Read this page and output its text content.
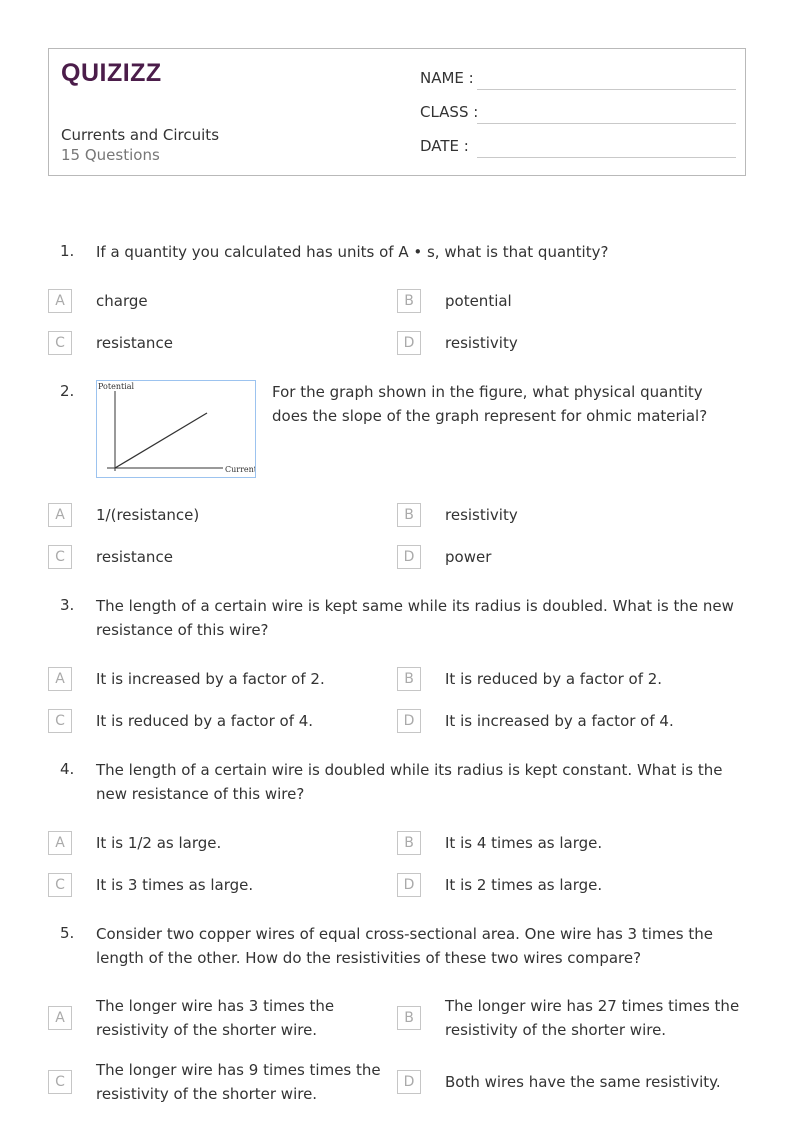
QUIZIZZ
Currents and Circuits
15 Questions
NAME :
CLASS :
DATE :
1. If a quantity you calculated has units of A • s, what is that quantity?
A	charge	B	potential
C	resistance	D	resistivity
2.	Potential
Current
For the graph shown in the figure, what physical quantity does the slope of the graph represent for ohmic material?
A	1/(resistance)	B	resistivity
C	resistance	D	power
3. The length of a certain wire is kept same while its radius is doubled. What is the new resistance of this wire?
A	It is increased by a factor of 2.	B	It is reduced by a factor of 2.
C	It is reduced by a factor of 4.	D	It is increased by a factor of 4.
4. The length of a certain wire is doubled while its radius is kept constant. What is the new resistance of this wire?
A	It is 1/2 as large.	B	It is 4 times as large.
C	It is 3 times as large.	D	It is 2 times as large.
5. Consider two copper wires of equal cross-sectional area. One wire has 3 times the length of the other. How do the resistivities of these two wires compare?
A
The longer wire has 3 times the resistivity of the shorter wire.
B
The longer wire has 27 times times the resistivity of the shorter wire.
C
The longer wire has 9 times times the resistivity of the shorter wire.
D	Both wires have the same resistivity.
